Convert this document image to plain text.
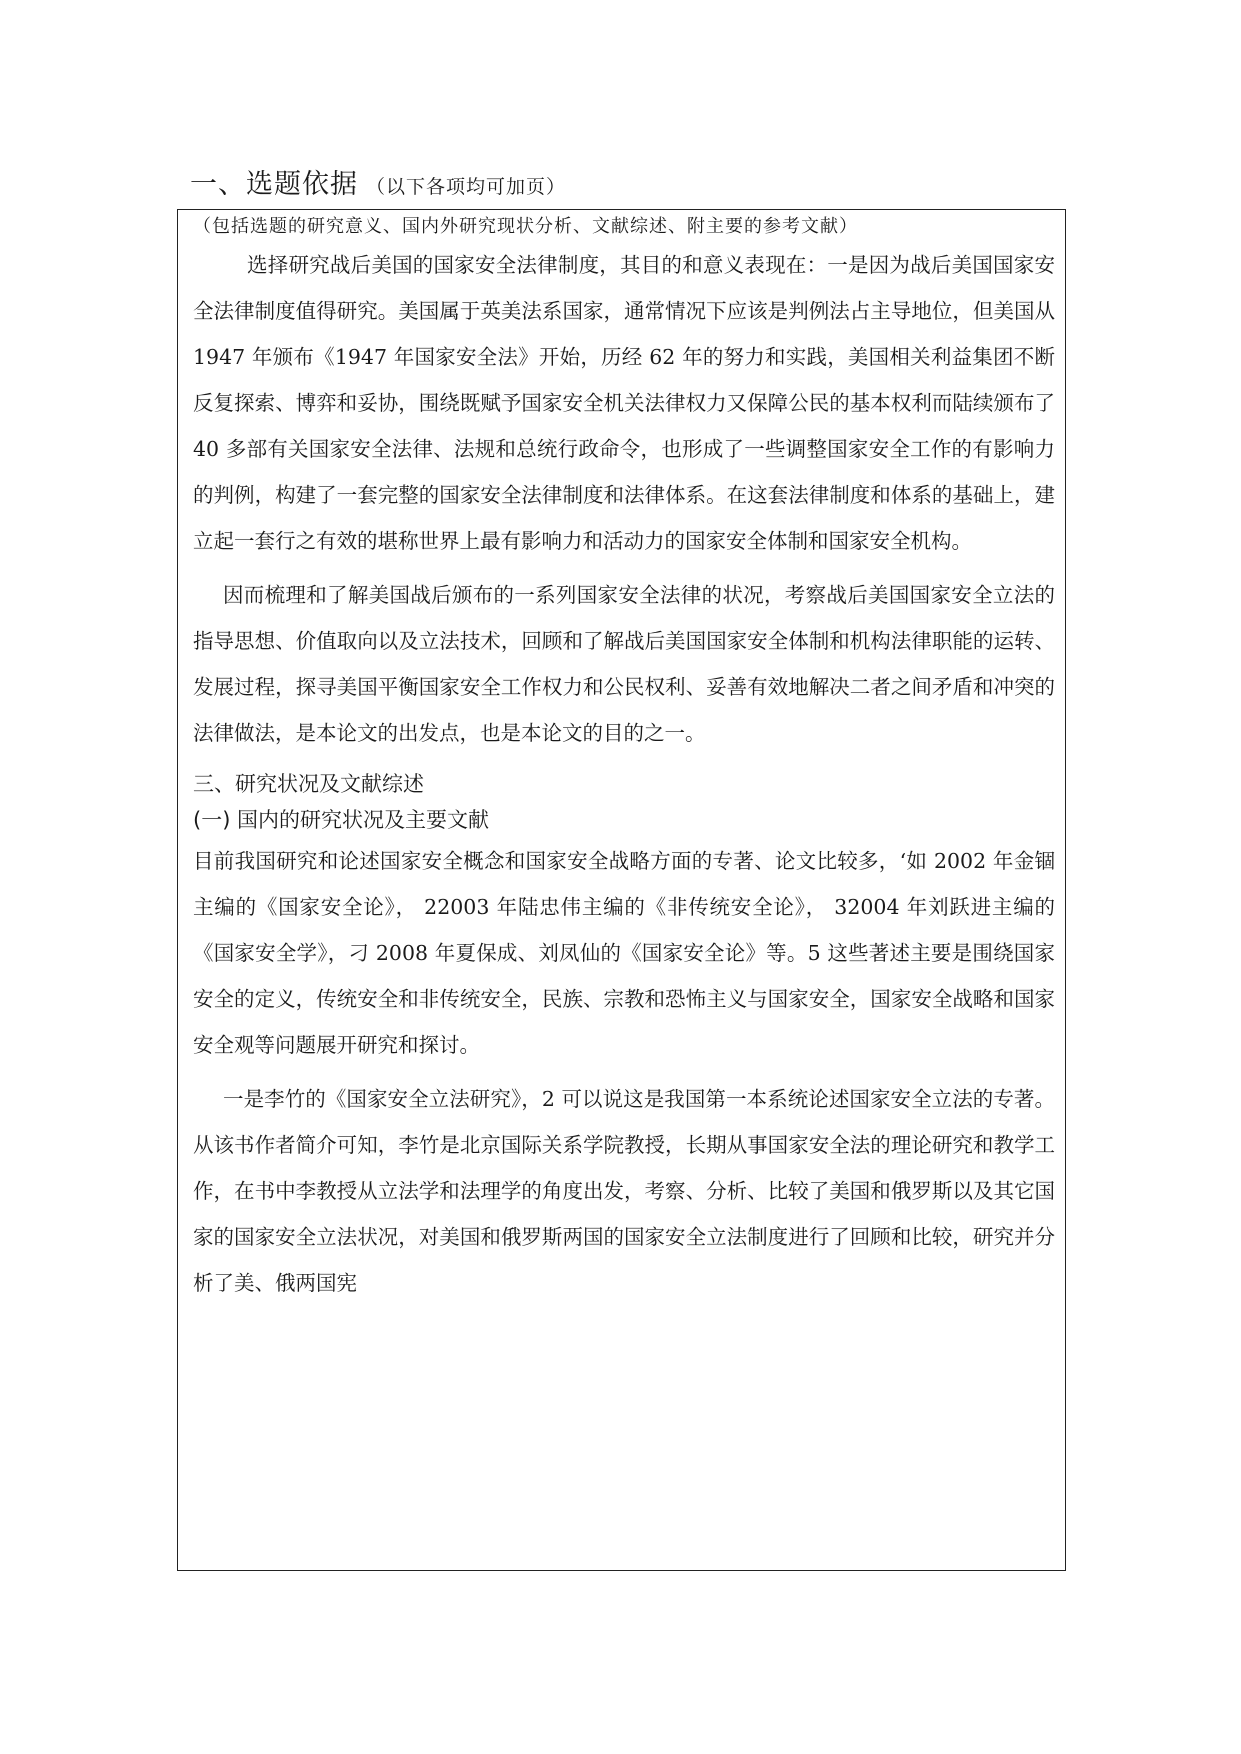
一、选题依据 （以下各项均可加页）
（包括选题的研究意义、国内外研究现状分析、文献综述、附主要的参考文献）

选择研究战后美国的国家安全法律制度，其目的和意义表现在：一是因为战后美国国家安全法律制度值得研究。美国属于英美法系国家，通常情况下应该是判例法占主导地位，但美国从 1947 年颁布《1947 年国家安全法》开始，历经 62 年的努力和实践，美国相关利益集团不断反复探索、博弈和妥协，围绕既赋予国家安全机关法律权力又保障公民的基本权利而陆续颁布了 40 多部有关国家安全法律、法规和总统行政命令，也形成了一些调整国家安全工作的有影响力的判例，构建了一套完整的国家安全法律制度和法律体系。在这套法律制度和体系的基础上，建立起一套行之有效的堪称世界上最有影响力和活动力的国家安全体制和国家安全机构。

因而梳理和了解美国战后颁布的一系列国家安全法律的状况，考察战后美国国家安全立法的指导思想、价值取向以及立法技术，回顾和了解战后美国国家安全体制和机构法律职能的运转、发展过程，探寻美国平衡国家安全工作权力和公民权利、妥善有效地解决二者之间矛盾和冲突的法律做法，是本论文的出发点，也是本论文的目的之一。

三、研究状况及文献综述
(一) 国内的研究状况及主要文献

目前我国研究和论述国家安全概念和国家安全战略方面的专著、论文比较多，‘如 2002 年金锢主编的《国家安全论》， 22003 年陆忠伟主编的《非传统安全论》， 32004 年刘跃进主编的《国家安全学》，刁 2008 年夏保成、刘凤仙的《国家安全论》等。5 这些著述主要是围绕国家安全的定义，传统安全和非传统安全，民族、宗教和恐怖主义与国家安全，国家安全战略和国家安全观等问题展开研究和探讨。

一是李竹的《国家安全立法研究》，2 可以说这是我国第一本系统论述国家安全立法的专著。从该书作者简介可知，李竹是北京国际关系学院教授，长期从事国家安全法的理论研究和教学工作，在书中李教授从立法学和法理学的角度出发，考察、分析、比较了美国和俄罗斯以及其它国家的国家安全立法状况，对美国和俄罗斯两国的国家安全立法制度进行了回顾和比较，研究并分析了美、俄两国宪
